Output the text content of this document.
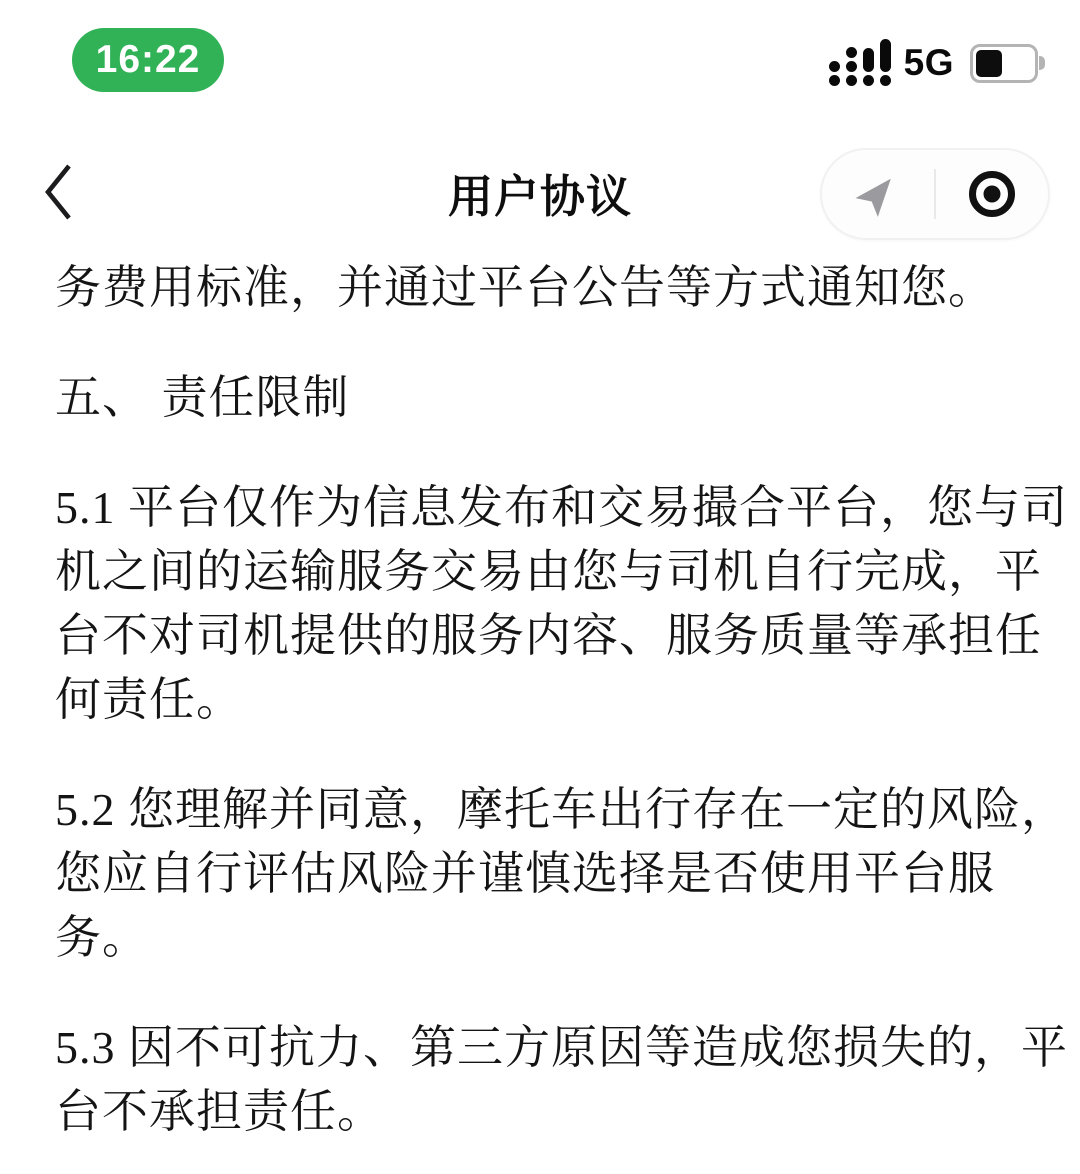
16:22	5G
用户协议
务费用标准，并通过平台公告等方式通知您。
五、 责任限制
5.1 平台仅作为信息发布和交易撮合平台，您与司
机之间的运输服务交易由您与司机自行完成，平
台不对司机提供的服务内容、服务质量等承担任
何责任。
5.2 您理解并同意，摩托车出行存在一定的风险，
您应自行评估风险并谨慎选择是否使用平台服
务。
5.3 因不可抗力、第三方原因等造成您损失的，平
台不承担责任。
